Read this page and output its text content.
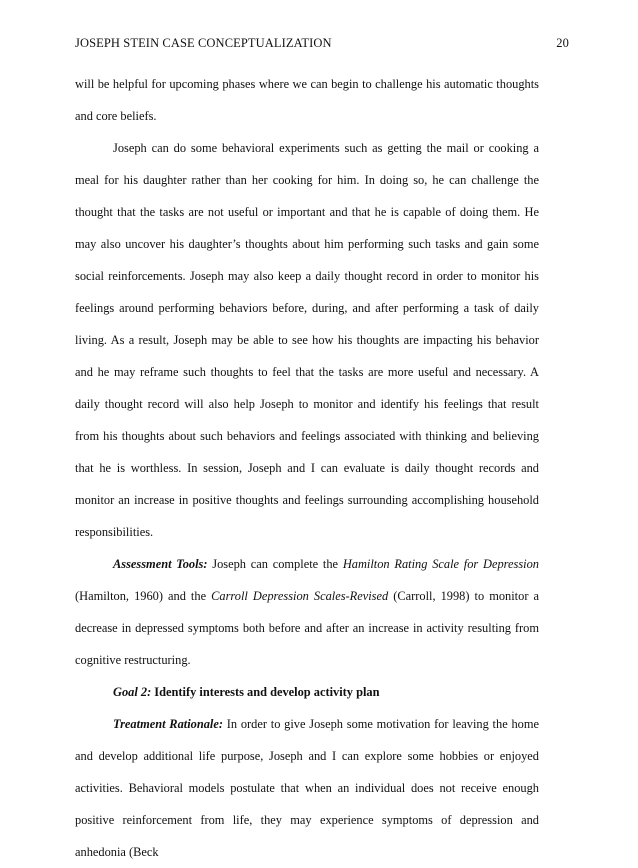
JOSEPH STEIN CASE CONCEPTUALIZATION	20

will be helpful for upcoming phases where we can begin to challenge his automatic thoughts and core beliefs.

Joseph can do some behavioral experiments such as getting the mail or cooking a meal for his daughter rather than her cooking for him. In doing so, he can challenge the thought that the tasks are not useful or important and that he is capable of doing them. He may also uncover his daughter’s thoughts about him performing such tasks and gain some social reinforcements. Joseph may also keep a daily thought record in order to monitor his feelings around performing behaviors before, during, and after performing a task of daily living. As a result, Joseph may be able to see how his thoughts are impacting his behavior and he may reframe such thoughts to feel that the tasks are more useful and necessary. A daily thought record will also help Joseph to monitor and identify his feelings that result from his thoughts about such behaviors and feelings associated with thinking and believing that he is worthless. In session, Joseph and I can evaluate is daily thought records and monitor an increase in positive thoughts and feelings surrounding accomplishing household responsibilities.

Assessment Tools: Joseph can complete the Hamilton Rating Scale for Depression (Hamilton, 1960) and the Carroll Depression Scales-Revised (Carroll, 1998) to monitor a decrease in depressed symptoms both before and after an increase in activity resulting from cognitive restructuring.

Goal 2: Identify interests and develop activity plan

Treatment Rationale: In order to give Joseph some motivation for leaving the home and develop additional life purpose, Joseph and I can explore some hobbies or enjoyed activities. Behavioral models postulate that when an individual does not receive enough positive reinforcement from life, they may experience symptoms of depression and anhedonia (Beck
